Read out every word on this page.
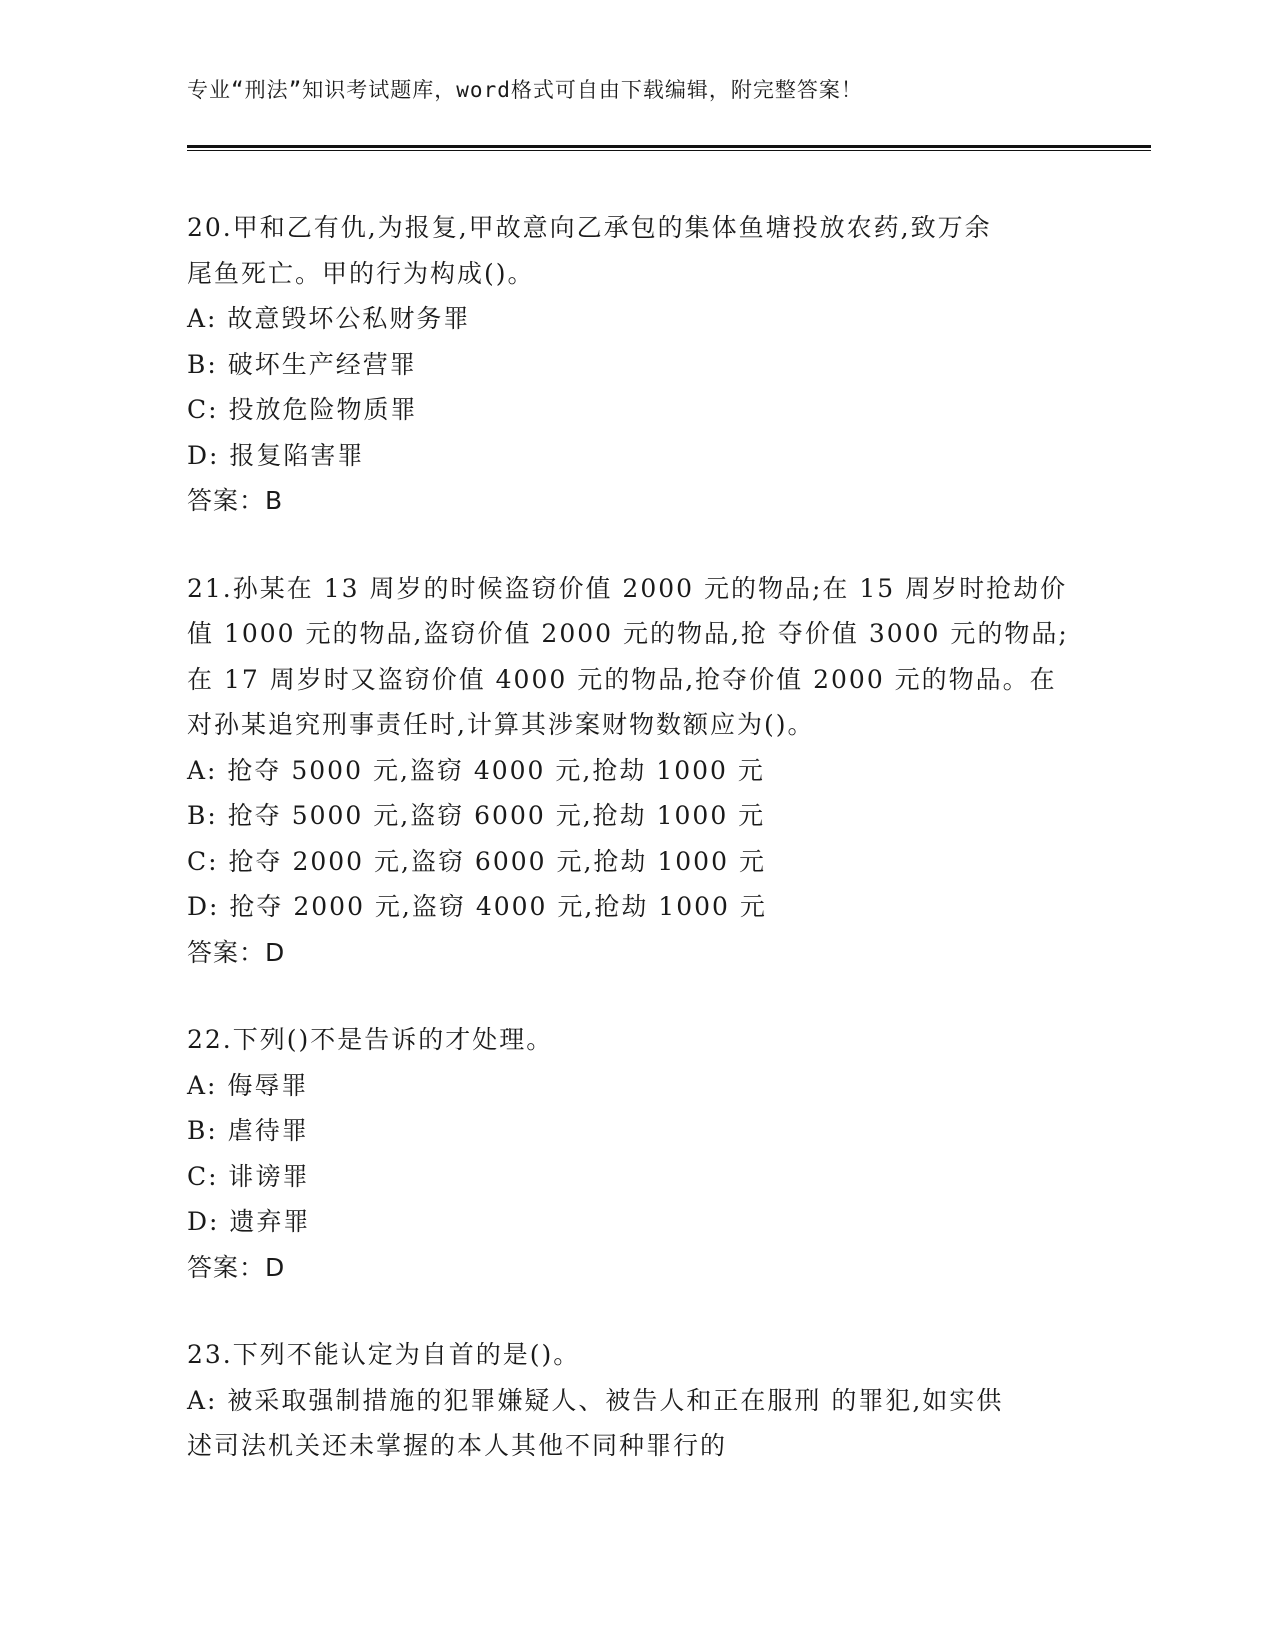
专业“刑法”知识考试题库，word格式可自由下载编辑，附完整答案！
20.甲和乙有仇,为报复,甲故意向乙承包的集体鱼塘投放农药,致万余
尾鱼死亡。甲的行为构成()。
A: 故意毁坏公私财务罪
B: 破坏生产经营罪
C: 投放危险物质罪
D: 报复陷害罪
答案：B
21.孙某在 13 周岁的时候盗窃价值 2000 元的物品;在 15 周岁时抢劫价
值 1000 元的物品,盗窃价值 2000 元的物品,抢 夺价值 3000 元的物品;
在 17 周岁时又盗窃价值 4000 元的物品,抢夺价值 2000 元的物品。在
对孙某追究刑事责任时,计算其涉案财物数额应为()。
A: 抢夺 5000 元,盗窃 4000 元,抢劫 1000 元
B: 抢夺 5000 元,盗窃 6000 元,抢劫 1000 元
C: 抢夺 2000 元,盗窃 6000 元,抢劫 1000 元
D: 抢夺 2000 元,盗窃 4000 元,抢劫 1000 元
答案：D
22.下列()不是告诉的才处理。
A: 侮辱罪
B: 虐待罪
C: 诽谤罪
D: 遗弃罪
答案：D
23.下列不能认定为自首的是()。
A: 被采取强制措施的犯罪嫌疑人、被告人和正在服刑 的罪犯,如实供
述司法机关还未掌握的本人其他不同种罪行的
